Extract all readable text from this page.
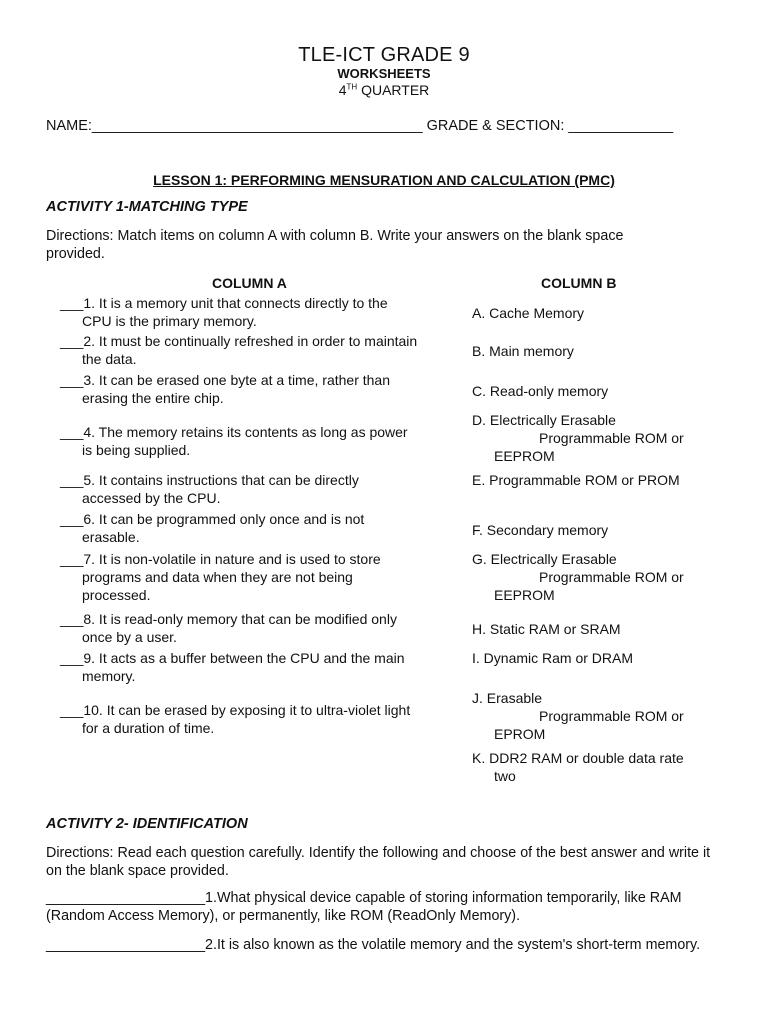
TLE-ICT GRADE 9
WORKSHEETS
4TH QUARTER
NAME:_________________________________________ GRADE & SECTION: _____________
LESSON 1: PERFORMING MENSURATION AND CALCULATION (PMC)
ACTIVITY 1-MATCHING TYPE
Directions: Match items on column A with column B. Write your answers on the blank space provided.
COLUMN A	COLUMN B
___1. It is a memory unit that connects directly to the
CPU is the primary memory.
___2. It must be continually refreshed in order to maintain
the data.
___3. It can be erased one byte at a time, rather than
erasing the entire chip.
___4. The memory retains its contents as long as power
is being supplied.
___5. It contains instructions that can be directly
accessed by the CPU.
___6. It can be programmed only once and is not
erasable.
___7. It is non-volatile in nature and is used to store
programs and data when they are not being
processed.
___8. It is read-only memory that can be modified only
once by a user.
___9. It acts as a buffer between the CPU and the main
memory.
___10. It can be erased by exposing it to ultra-violet light
for a duration of time.
A. Cache Memory
B. Main memory
C. Read-only memory
D. Electrically Erasable
Programmable ROM or
EEPROM
E. Programmable ROM or PROM
F. Secondary memory
G. Electrically Erasable
Programmable ROM or
EEPROM
H. Static RAM or SRAM
I. Dynamic Ram or DRAM
J. Erasable
Programmable ROM or
EPROM
K. DDR2 RAM or double data rate
two
ACTIVITY 2- IDENTIFICATION
Directions: Read each question carefully. Identify the following and choose of the best answer and write it on the blank space provided.
____________________1.What physical device capable of storing information temporarily, like RAM (Random Access Memory), or permanently, like ROM (ReadOnly Memory).
____________________2.It is also known as the volatile memory and the system's short-term memory.
